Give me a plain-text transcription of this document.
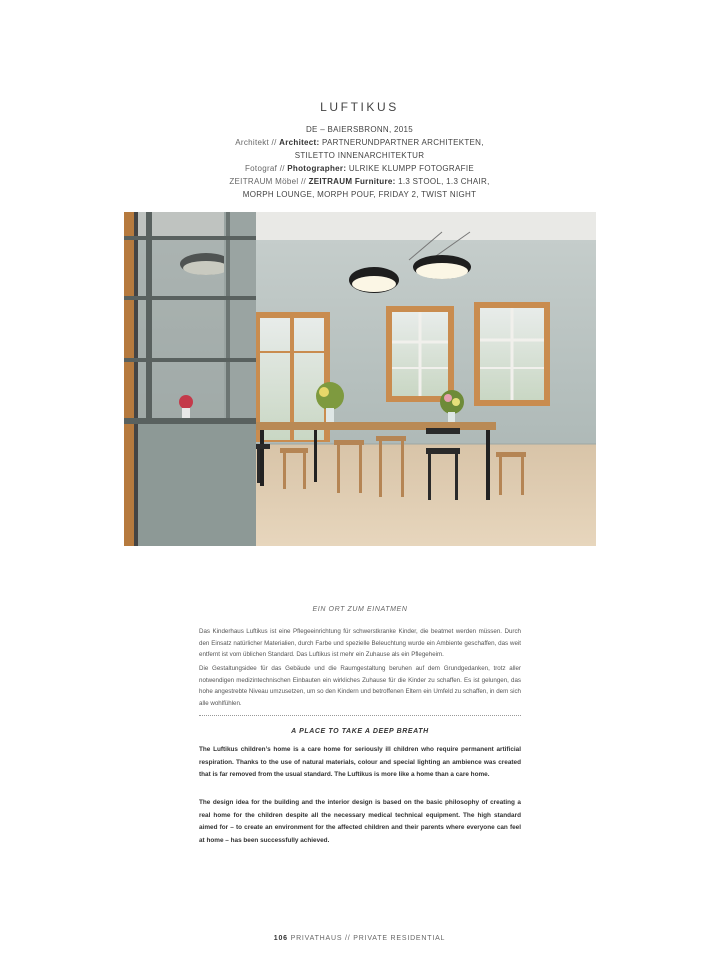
LUFTIKUS
DE – BAIERSBRONN, 2015
Architekt // Architect: PARTNERUNDPARTNER ARCHITEKTEN,
STILETTO INNENARCHITEKTUR
Fotograf // Photographer: ULRIKE KLUMPP FOTOGRAFIE
ZEITRAUM Möbel // ZEITRAUM Furniture: 1.3 STOOL, 1.3 CHAIR,
MORPH LOUNGE, MORPH POUF, FRIDAY 2, TWIST NIGHT
EIN ORT ZUM EINATMEN
Das Kinderhaus Luftikus ist eine Pflegeeinrichtung für schwerstkranke Kinder, die beatmet werden müssen. Durch den Einsatz natürlicher Materialien, durch Farbe und spezielle Beleuchtung wurde ein Ambiente geschaffen, das weit entfernt ist vom üblichen Standard. Das Luftikus ist mehr ein Zuhause als ein Pflegeheim.
Die Gestaltungsidee für das Gebäude und die Raumgestaltung beruhen auf dem Grundgedanken, trotz aller notwendigen medizintechnischen Einbauten ein wirkliches Zuhause für die Kinder zu schaffen. Es ist gelungen, das hohe angestrebte Niveau umzusetzen, um so den Kindern und betroffenen Eltern ein Umfeld zu schaffen, in dem sich alle wohlfühlen.
A PLACE TO TAKE A DEEP BREATH
The Luftikus children’s home is a care home for seriously ill children who require permanent artificial respiration. Thanks to the use of natural materials, colour and special lighting an ambience was created that is far removed from the usual standard. The Luftikus is more like a home than a care home.
The design idea for the building and the interior design is based on the basic philosophy of creating a real home for the children despite all the necessary medical technical equipment. The high standard aimed for – to create an environment for the affected children and their parents where everyone can feel at home – has been successfully achieved.
106 PRIVATHAUS // PRIVATE RESIDENTIAL
